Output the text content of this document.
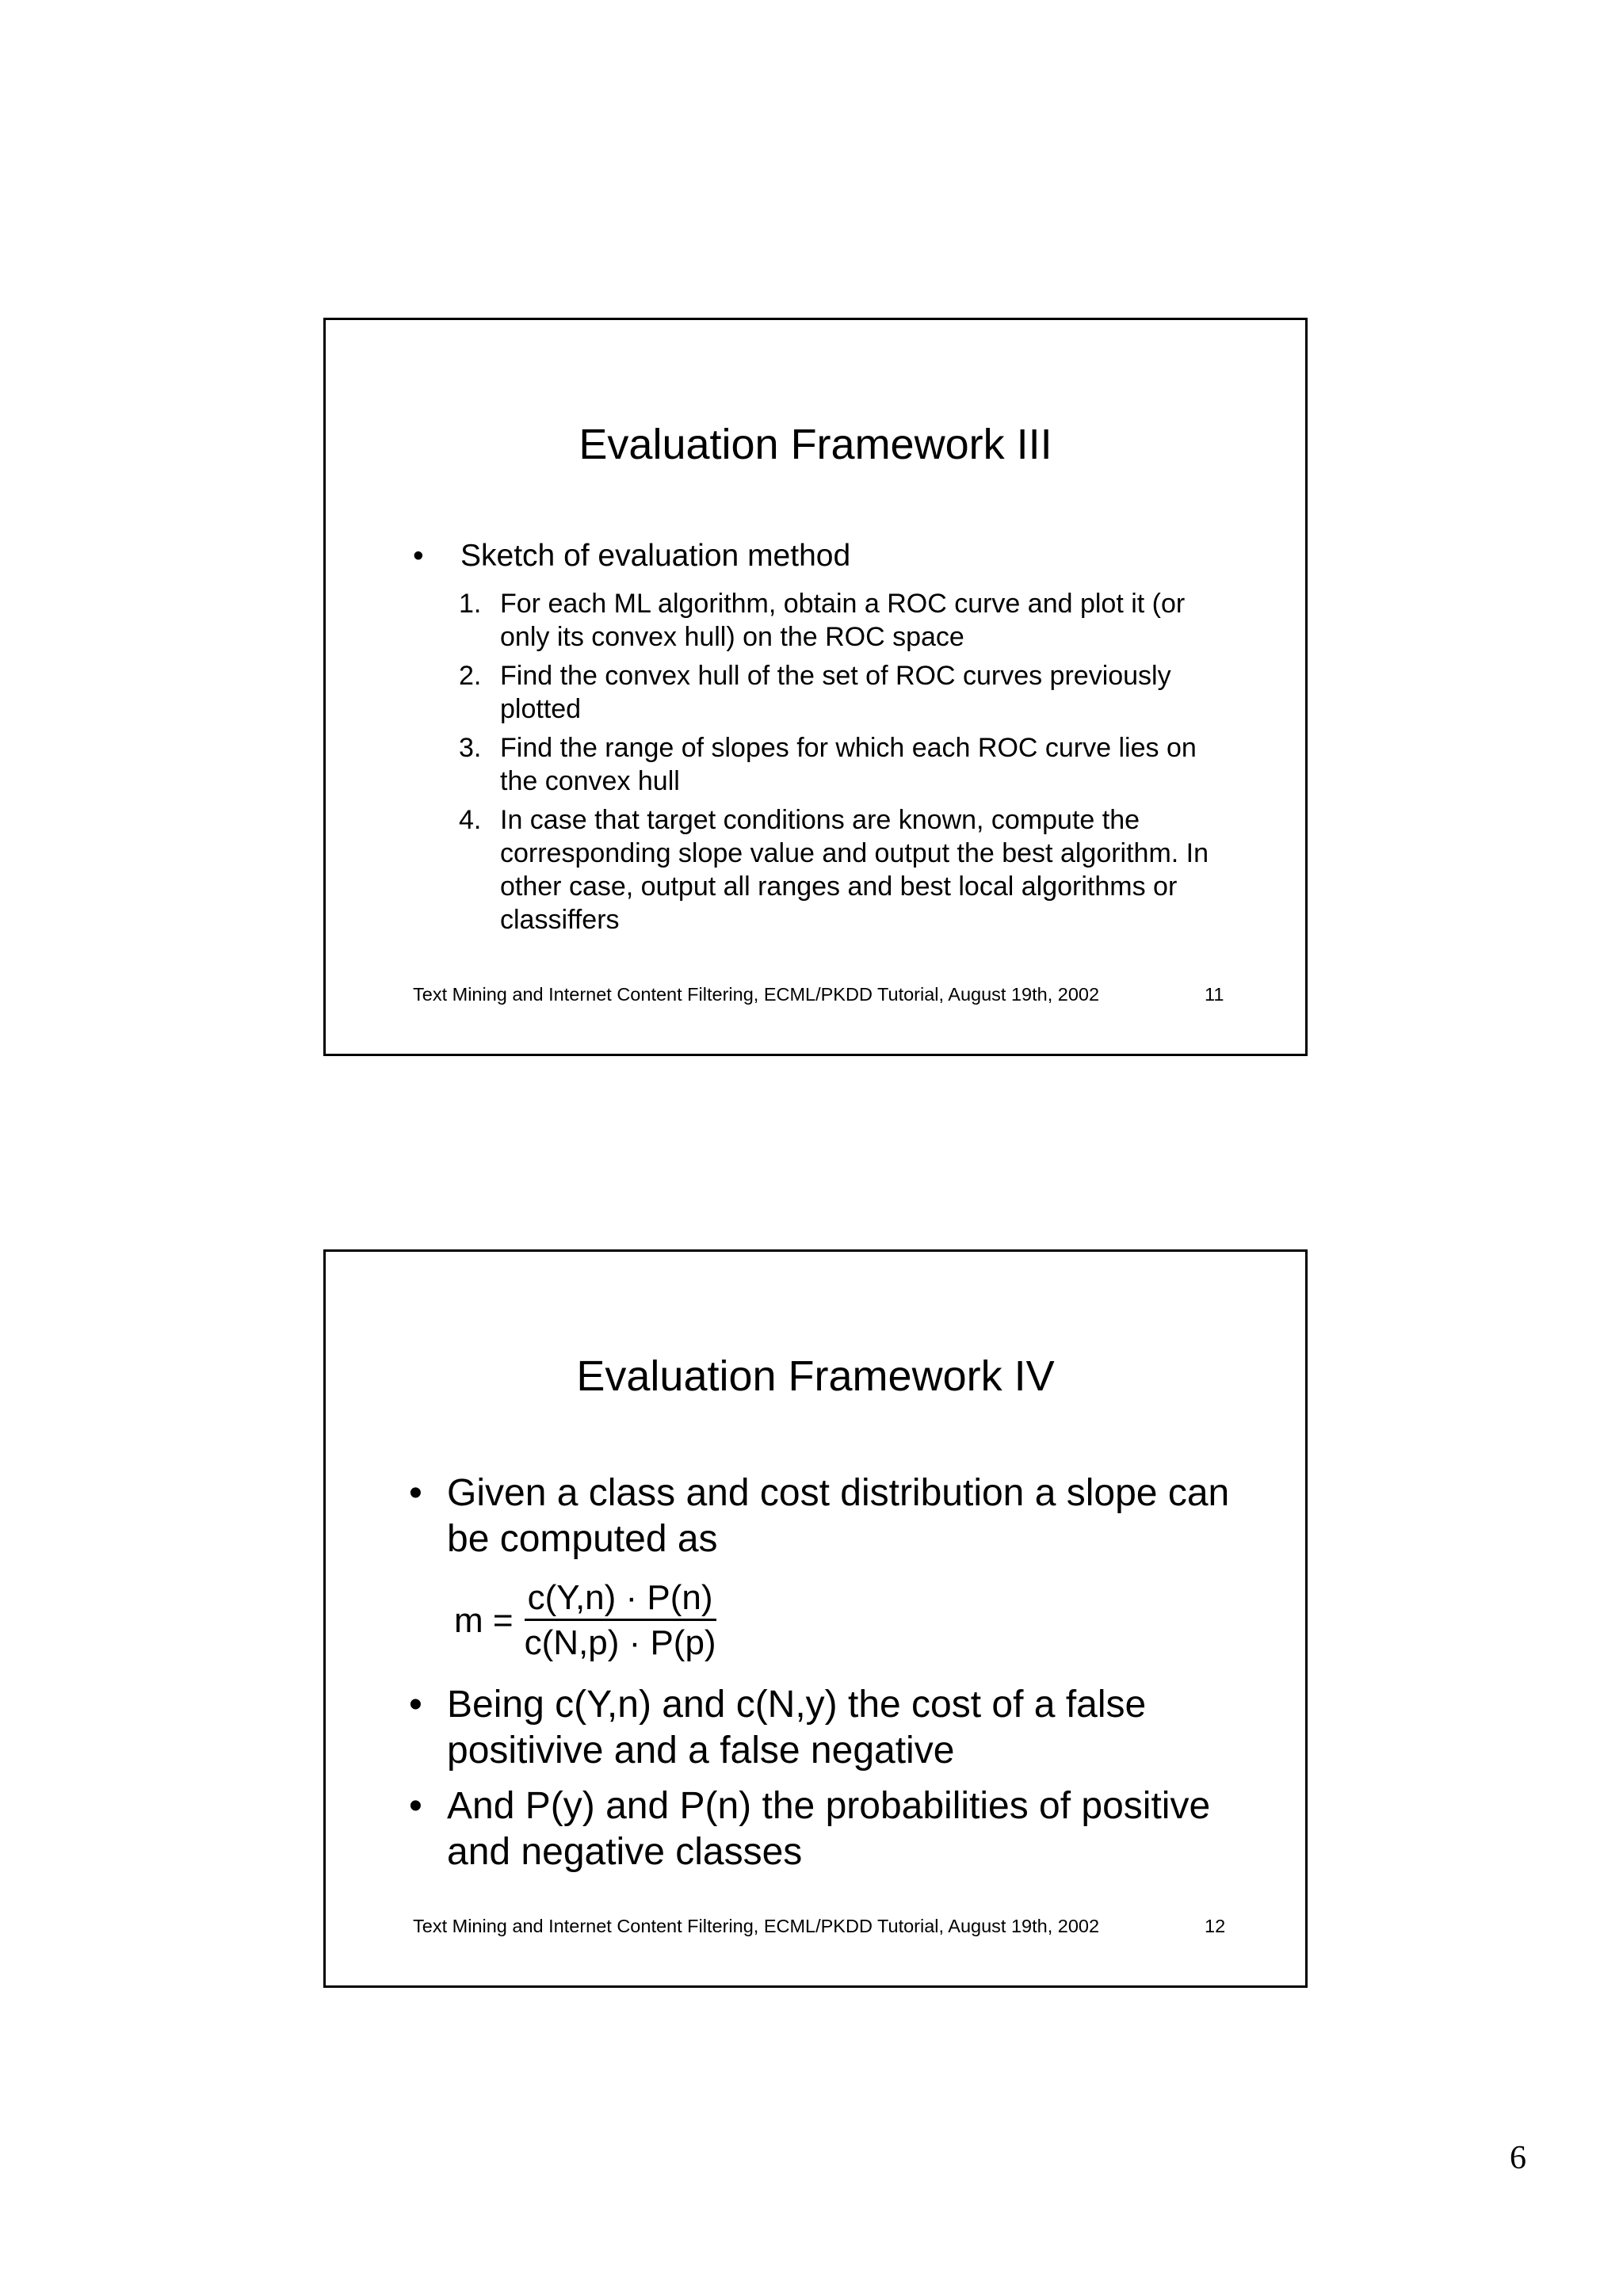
Evaluation Framework III
•	Sketch of evaluation method
1. For each ML algorithm, obtain a ROC curve and plot it (or only its convex hull) on the ROC space
2. Find the convex hull of the set of ROC curves previously plotted
3. Find the range of slopes for which each ROC curve lies on the convex hull
4. In case that target conditions are known, compute the corresponding slope value and output the best algorithm. In other case, output all ranges and best local algorithms or classiffers
Text Mining and Internet Content Filtering, ECML/PKDD Tutorial, August 19th, 2002	11
Evaluation Framework IV
• Given a class and cost distribution a slope can be computed as
$m = \frac{c(Y,n) \cdot P(n)}{c(N,p) \cdot P(p)}$
• Being c(Y,n) and c(N,y) the cost of a false positivive and a false negative
• And P(y) and P(n) the probabilities of positive and negative classes
Text Mining and Internet Content Filtering, ECML/PKDD Tutorial, August 19th, 2002	12
6
